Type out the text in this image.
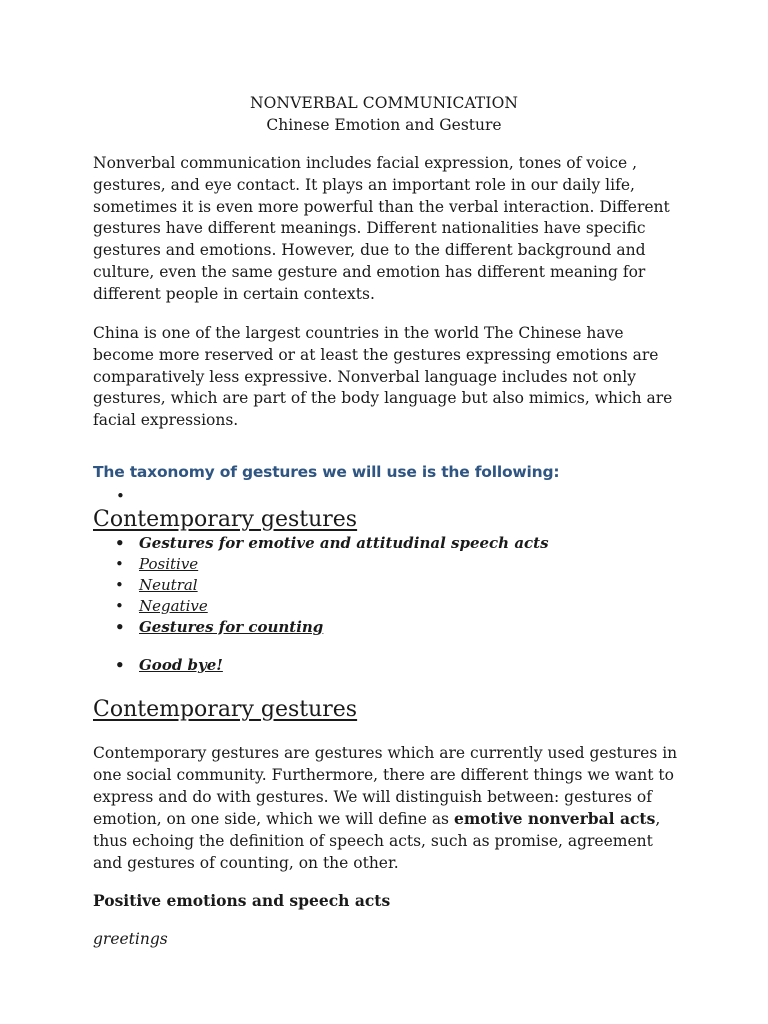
NONVERBAL COMMUNICATION

Chinese Emotion and Gesture

Nonverbal communication includes facial expression, tones of voice , gestures, and eye contact. It plays an important role in our daily life, sometimes it is even more powerful than the verbal interaction. Different gestures have different meanings. Different nationalities have specific gestures and emotions. However, due to the different background and culture, even the same gesture and emotion has different meaning for different people in certain contexts.

China is one of the largest countries in the world The Chinese have become more reserved or at least the gestures expressing emotions are comparatively less expressive. Nonverbal language includes not only gestures, which are part of the body language but also mimics, which are facial expressions.

The taxonomy of gestures we will use is the following:
•
Contemporary gestures
• Gestures for emotive and attitudinal speech acts
• Positive
• Neutral
• Negative
• Gestures for counting
• Good bye!
Contemporary gestures

Contemporary gestures are gestures which are currently used gestures in one social community. Furthermore, there are different things we want to express and do with gestures. We will distinguish between: gestures of emotion, on one side, which we will define as emotive nonverbal acts, thus echoing the definition of speech acts, such as promise, agreement and gestures of counting, on the other.

Positive emotions and speech acts

greetings
